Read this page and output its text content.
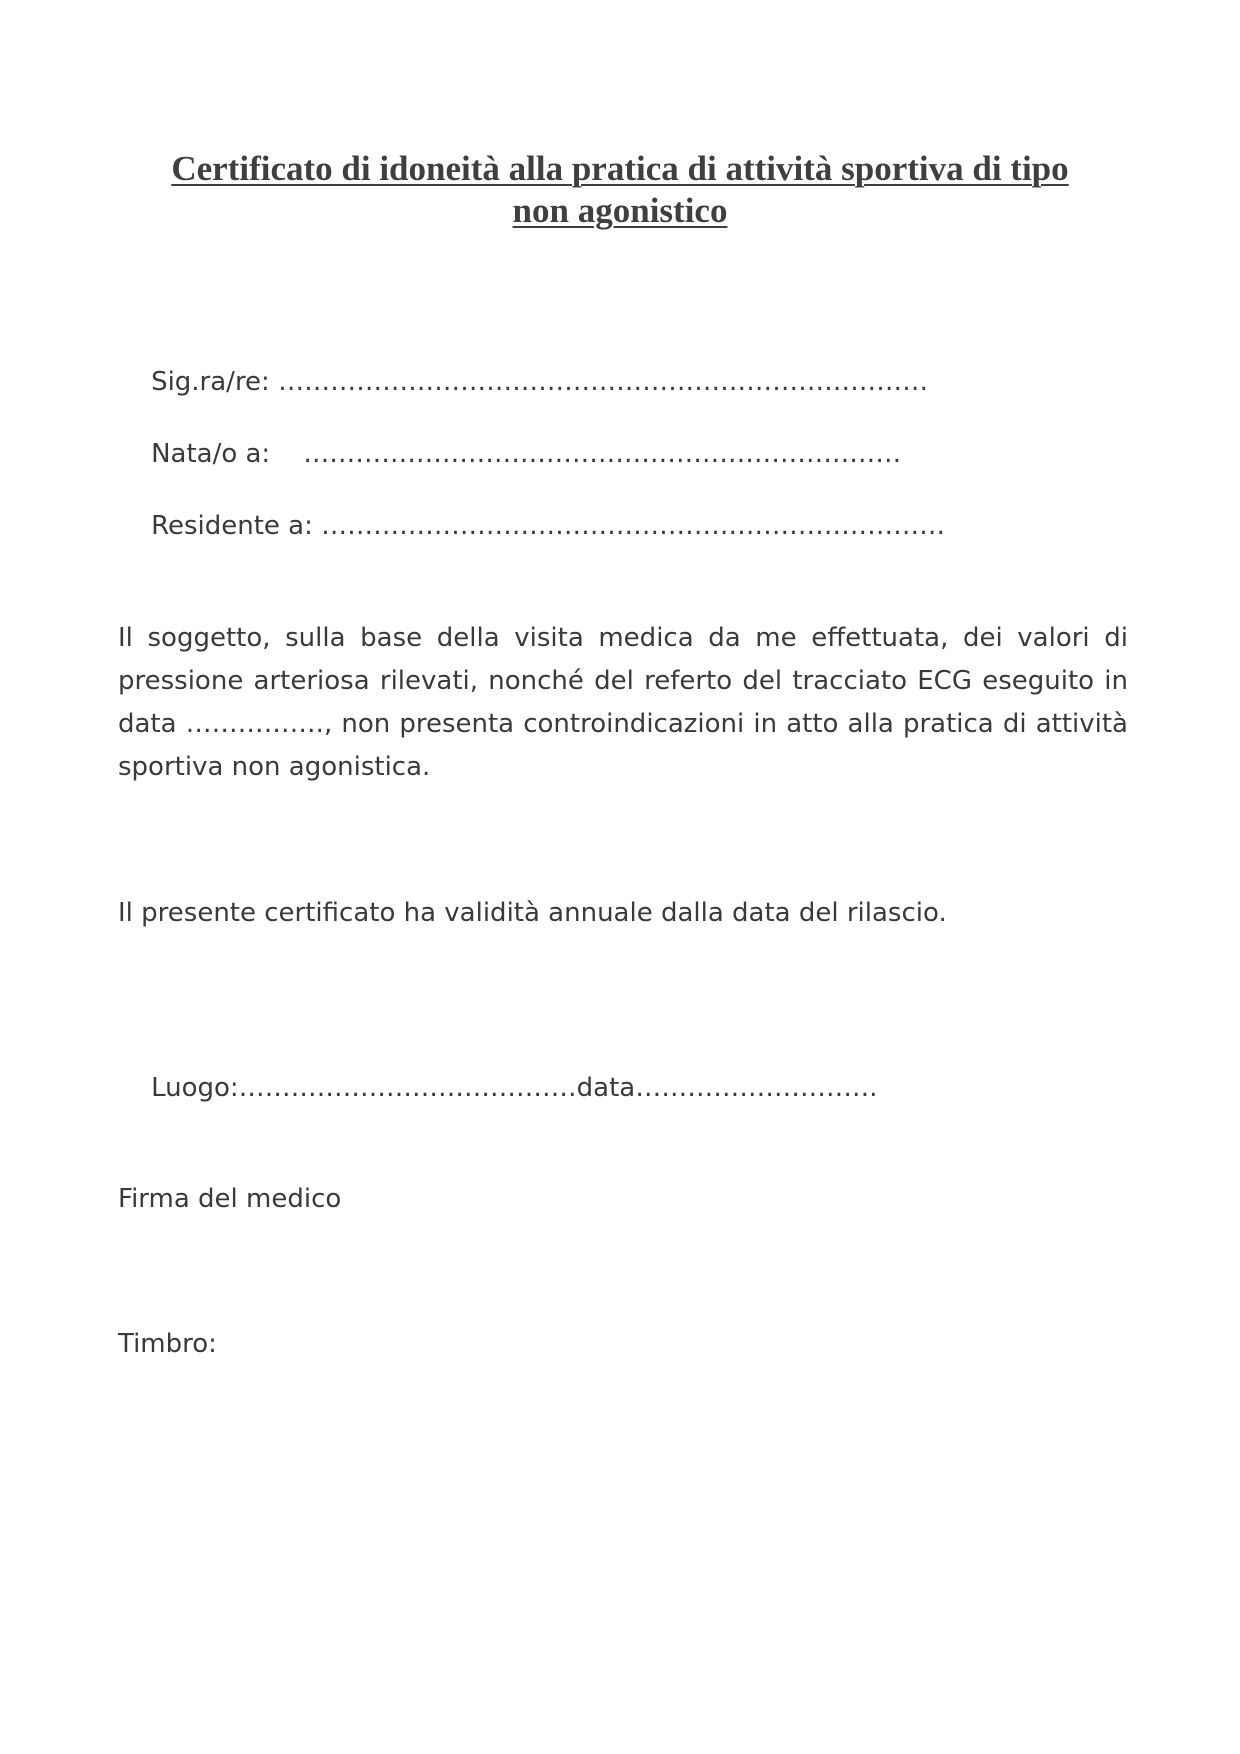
Certificato di idoneità alla pratica di attività sportiva di tipo
non agonistico

Sig.ra/re: …………………………………………………………………

Nata/o a:    ……………………………………………………………

Residente a: ………………………………………………………………

Il soggetto, sulla base della visita medica da me effettuata, dei valori di pressione arteriosa rilevati, nonché del referto del tracciato ECG eseguito in data ……………., non presenta controindicazioni in atto alla pratica di attività sportiva non agonistica.
Il presente certificato ha validità annuale dalla data del rilascio.

Luogo:…………………………………data……………………….

Firma del medico
Timbro:
